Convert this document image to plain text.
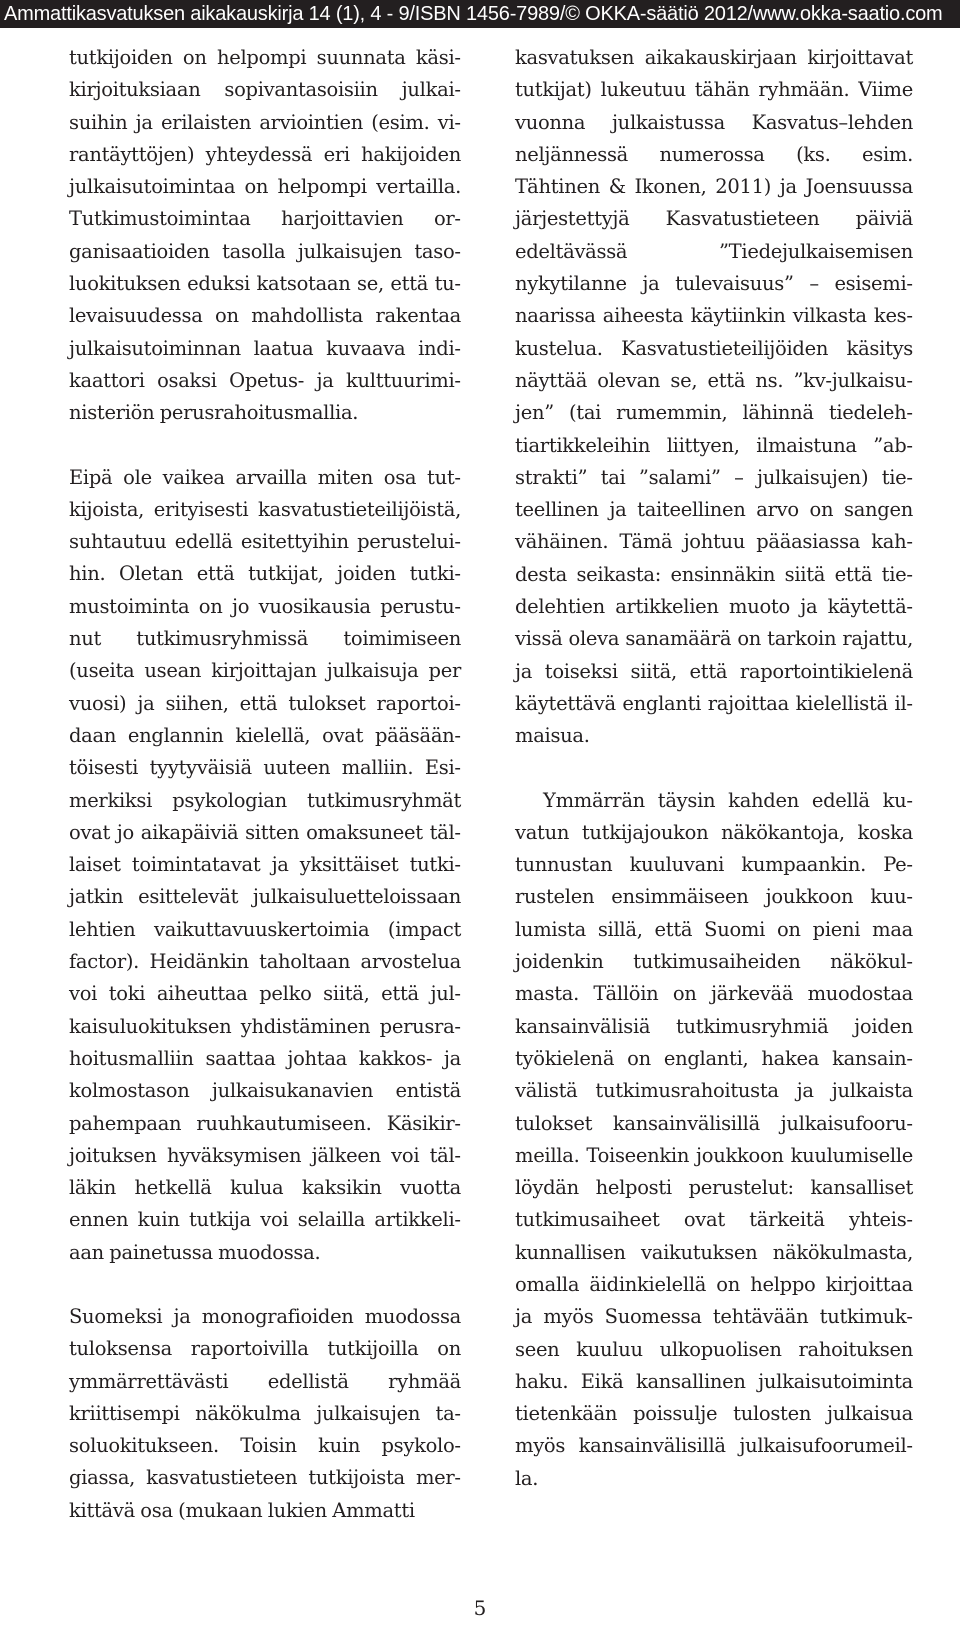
Ammattikasvatuksen aikakauskirja 14 (1), 4 - 9/ISBN 1456-7989/© OKKA-säätiö 2012/www.okka-saatio.com

tutkijoiden on helpompi suunnata käsikirjoituksiaan sopivantasoisiin julkaisuihin ja erilaisten arviointien (esim. virantäyttöjen) yhteydessä eri hakijoiden julkaisutoimintaa on helpompi vertailla. Tutkimustoimintaa harjoittavien organisaatioiden tasolla julkaisujen tasoluokituksen eduksi katsotaan se, että tulevaisuudessa on mahdollista rakentaa julkaisutoiminnan laatua kuvaava indikaattori osaksi Opetus- ja kulttuuriministeriön perusrahoitusmallia.

Eipä ole vaikea arvailla miten osa tutkijoista, erityisesti kasvatustieteilijöistä, suhtautuu edellä esitettyihin perusteluihin. Oletan että tutkijat, joiden tutkimustoiminta on jo vuosikausia perustunut tutkimusryhmissä toimimiseen (useita usean kirjoittajan julkaisuja per vuosi) ja siihen, että tulokset raportoidaan englannin kielellä, ovat pääsääntöisesti tyytyväisiä uuteen malliin. Esimerkiksi psykologian tutkimusryhmät ovat jo aikapäiviä sitten omaksuneet tällaiset toimintatavat ja yksittäiset tutkijatkin esittelevät julkaisuluetteloissaan lehtien vaikuttavuuskertoimia (impact factor). Heidänkin taholtaan arvostelua voi toki aiheuttaa pelko siitä, että julkaisuluokituksen yhdistäminen perusrahoitusmalliin saattaa johtaa kakkos- ja kolmostason julkaisukanavien entistä pahempaan ruuhkautumiseen. Käsikirjoituksen hyväksymisen jälkeen voi tälläkin hetkellä kulua kaksikin vuotta ennen kuin tutkija voi selailla artikkeliaan painetussa muodossa.

Suomeksi ja monografioiden muodossa tuloksensa raportoivilla tutkijoilla on ymmärrettävästi edellistä ryhmää kriittisempi näkökulma julkaisujen tasoluokitukseen. Toisin kuin psykologiassa, kasvatustieteen tutkijoista merkittävä osa (mukaan lukien Ammatti

kasvatuksen aikakauskirjaan kirjoittavat tutkijat) lukeutuu tähän ryhmään. Viime vuonna julkaistussa Kasvatus–lehden neljännessä numerossa (ks. esim. Tähtinen & Ikonen, 2011) ja Joensuussa järjestettyjä Kasvatustieteen päiviä edeltävässä ”Tiedejulkaisemisen nykytilanne ja tulevaisuus” – esiseminaarissa aiheesta käytiinkin vilkasta keskustelua. Kasvatustieteilijöiden käsitys näyttää olevan se, että ns. ”kv-julkaisujen” (tai rumemmin, lähinnä tiedelehtiartikkeleihin liittyen, ilmaistuna ”abstrakti” tai ”salami” – julkaisujen) tieteellinen ja taiteellinen arvo on sangen vähäinen. Tämä johtuu pääasiassa kahdesta seikasta: ensinnäkin siitä että tiedelehtien artikkelien muoto ja käytettävissä oleva sanamäärä on tarkoin rajattu, ja toiseksi siitä, että raportointikielenä käytettävä englanti rajoittaa kielellistä ilmaisua.

Ymmärrän täysin kahden edellä kuvatun tutkijajoukon näkökantoja, koska tunnustan kuuluvani kumpaankin. Perustelen ensimmäiseen joukkoon kuulumista sillä, että Suomi on pieni maa joidenkin tutkimusaiheiden näkökulmasta. Tällöin on järkevää muodostaa kansainvälisiä tutkimusryhmiä joiden työkielenä on englanti, hakea kansainvälistä tutkimusrahoitusta ja julkaista tulokset kansainvälisillä julkaisufoorumeilla. Toiseenkin joukkoon kuulumiselle löydän helposti perustelut: kansalliset tutkimusaiheet ovat tärkeitä yhteiskunnallisen vaikutuksen näkökulmasta, omalla äidinkielellä on helppo kirjoittaa ja myös Suomessa tehtävään tutkimukseen kuuluu ulkopuolisen rahoituksen haku. Eikä kansallinen julkaisutoiminta tietenkään poissulje tulosten julkaisua myös kansainvälisillä julkaisufoorumeilla.

5
